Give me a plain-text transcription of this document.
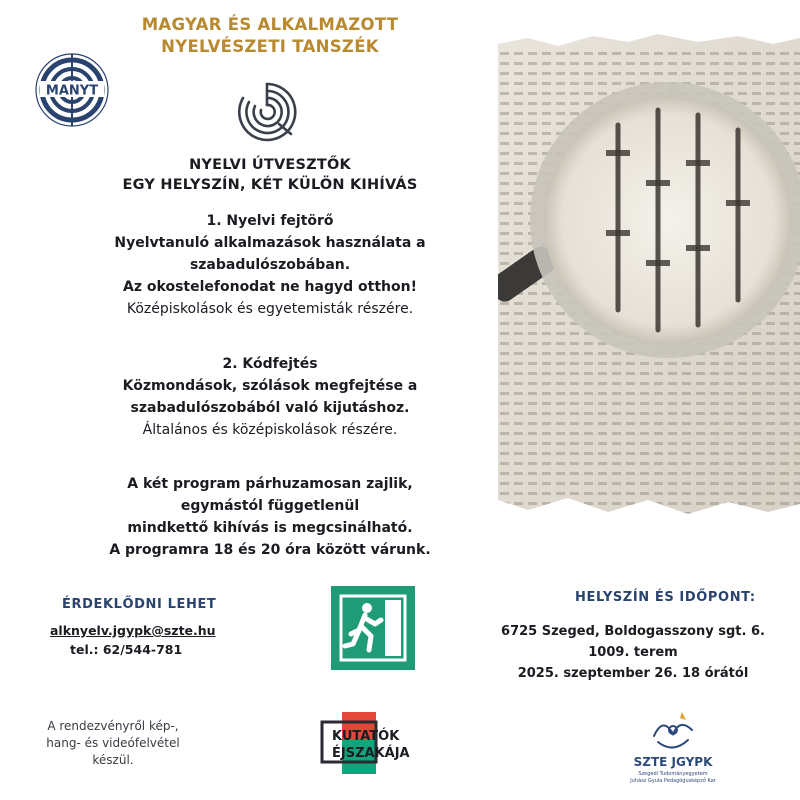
MAGYAR ÉS ALKALMAZOTT
NYELVÉSZETI TANSZÉK
MANYT
NYELVI ÚTVESZTŐK
EGY HELYSZÍN, KÉT KÜLÖN KIHÍVÁS
1. Nyelvi fejtörő
Nyelvtanuló alkalmazások használata a
szabadulószobában.
Az okostelefonodat ne hagyd otthon!
Középiskolások és egyetemisták részére.
2. Kódfejtés
Közmondások, szólások megfejtése a
szabadulószobából való kijutáshoz.
Általános és középiskolások részére.
A két program párhuzamosan zajlik,
egymástól függetlenül
mindkettő kihívás is megcsinálható.
A programra 18 és 20 óra között várunk.
ÉRDEKLŐDNI LEHET
alknyelv.jgypk@szte.hu
tel.: 62/544-781
HELYSZÍN ÉS IDŐPONT:
6725 Szeged, Boldogasszony sgt. 6.
1009. terem
2025. szeptember 26. 18 órától
A rendezvényről kép-,
hang- és videófelvétel
készül.
KUTATÓK
ÉJSZAKÁJA
SZTE JGYPK
Szegedi Tudományegyetem
Juhász Gyula Pedagógusképző Kar
